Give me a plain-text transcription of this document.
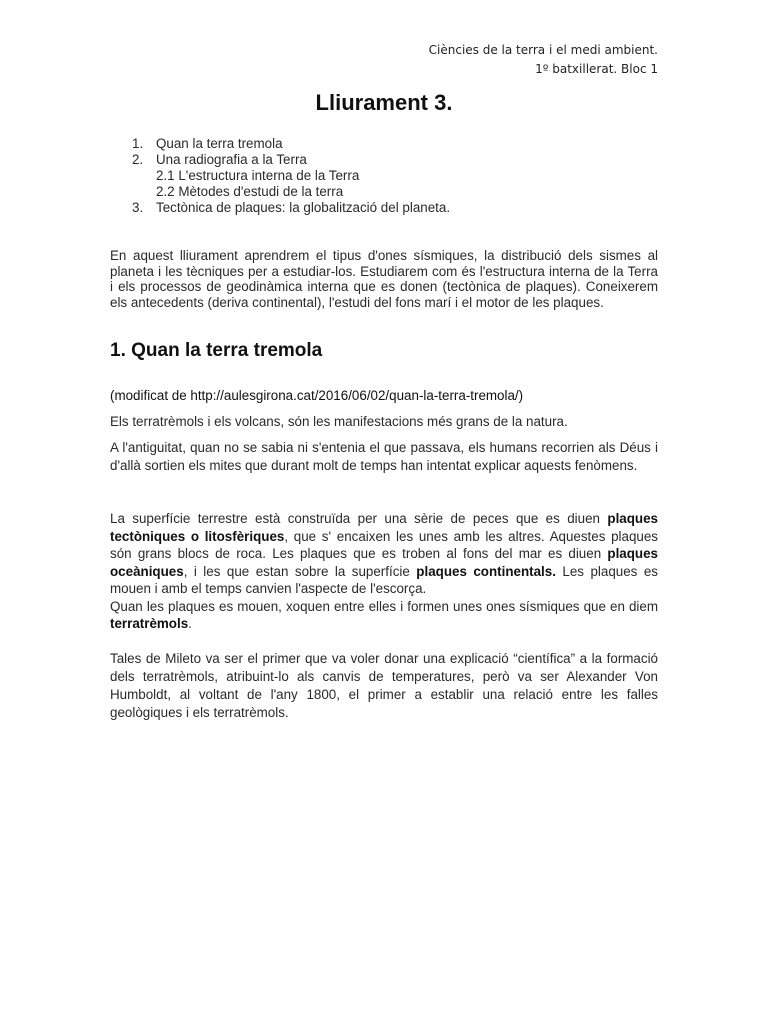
Ciències de la terra i el medi ambient.
1º batxillerat. Bloc 1
Lliurament 3.
1. Quan la terra tremola
2. Una radiografia a la Terra
2.1 L'estructura interna de la Terra
2.2 Mètodes d'estudi de la terra
3. Tectònica de plaques: la globalització del planeta.

En aquest lliurament aprendrem el tipus d'ones sísmiques, la distribució dels sismes al planeta i les tècniques per a estudiar-los. Estudiarem com és l'estructura interna de la Terra i els processos de geodinàmica interna que es donen (tectònica de plaques). Coneixerem els antecedents (deriva continental), l'estudi del fons marí i el motor de les plaques.

1. Quan la terra tremola

(modificat de http://aulesgirona.cat/2016/06/02/quan-la-terra-tremola/)

Els terratrèmols i els volcans, són les manifestacions més grans de la natura.

A l'antiguitat, quan no se sabia ni s'entenia el que passava, els humans recorrien als Déus i d'allà sortien els mites que durant molt de temps han intentat explicar aquests fenòmens.

La superfície terrestre està construïda per una sèrie de peces que es diuen plaques tectòniques o litosfèriques, que s' encaixen les unes amb les altres. Aquestes plaques són grans blocs de roca. Les plaques que es troben al fons del mar es diuen plaques oceàniques, i les que estan sobre la superfície plaques continentals. Les plaques es mouen i amb el temps canvien l'aspecte de l'escorça.
Quan les plaques es mouen, xoquen entre elles i formen unes ones sísmiques que en diem terratrèmols.

Tales de Mileto va ser el primer que va voler donar una explicació “científica” a la formació dels terratrèmols, atribuint-lo als canvis de temperatures, però va ser Alexander Von Humboldt, al voltant de l'any 1800, el primer a establir una relació entre les falles geològiques i els terratrèmols.
